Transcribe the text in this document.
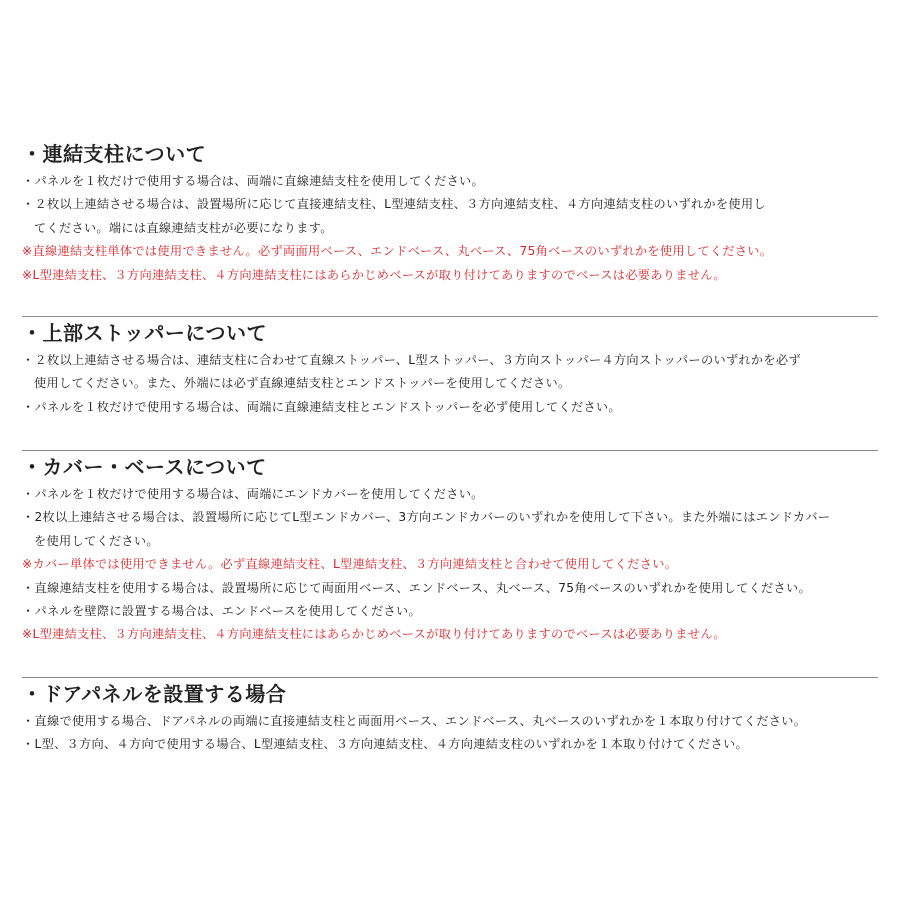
・連結支柱について
・パネルを１枚だけで使用する場合は、両端に直線連結支柱を使用してください。
・２枚以上連結させる場合は、設置場所に応じて直接連結支柱、L型連結支柱、３方向連結支柱、４方向連結支柱のいずれかを使用し
てください。端には直線連結支柱が必要になります。
※直線連結支柱単体では使用できません。必ず両面用ベース、エンドベース、丸ベース、75角ベースのいずれかを使用してください。
※L型連結支柱、３方向連結支柱、４方向連結支柱にはあらかじめベースが取り付けてありますのでベースは必要ありません。
・上部ストッパーについて
・２枚以上連結させる場合は、連結支柱に合わせて直線ストッパー、L型ストッパー、３方向ストッパー４方向ストッパーのいずれかを必ず
使用してください。また、外端には必ず直線連結支柱とエンドストッパーを使用してください。
・パネルを１枚だけで使用する場合は、両端に直線連結支柱とエンドストッパーを必ず使用してください。
・カバー・ベースについて
・パネルを１枚だけで使用する場合は、両端にエンドカバーを使用してください。
・2枚以上連結させる場合は、設置場所に応じてL型エンドカバー、3方向エンドカバーのいずれかを使用して下さい。また外端にはエンドカバー
を使用してください。
※カバー単体では使用できません。必ず直線連結支柱、L型連結支柱、３方向連結支柱と合わせて使用してください。
・直線連結支柱を使用する場合は、設置場所に応じて両面用ベース、エンドベース、丸ベース、75角ベースのいずれかを使用してください。
・パネルを壁際に設置する場合は、エンドベースを使用してください。
※L型連結支柱、３方向連結支柱、４方向連結支柱にはあらかじめベースが取り付けてありますのでベースは必要ありません。
・ドアパネルを設置する場合
・直線で使用する場合、ドアパネルの両端に直接連結支柱と両面用ベース、エンドベース、丸ベースのいずれかを１本取り付けてください。
・L型、３方向、４方向で使用する場合、L型連結支柱、３方向連結支柱、４方向連結支柱のいずれかを１本取り付けてください。
